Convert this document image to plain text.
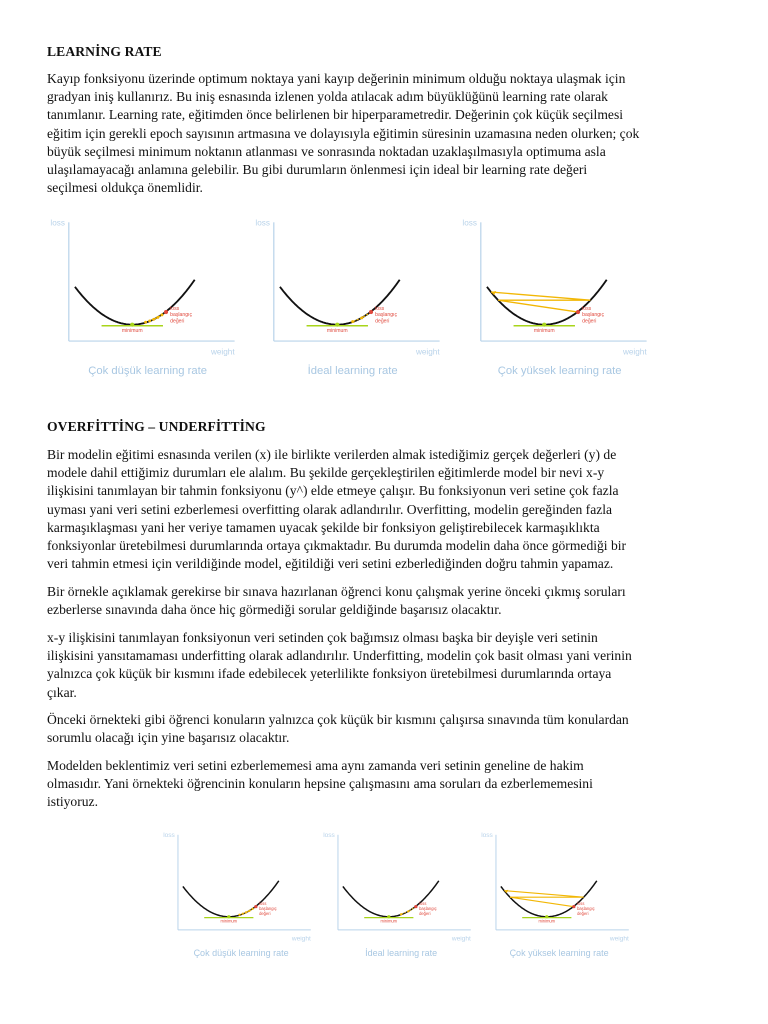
LEARNİNG RATE

Kayıp fonksiyonu üzerinde optimum noktaya yani kayıp değerinin minimum olduğu noktaya ulaşmak için
gradyan iniş kullanırız. Bu iniş esnasında izlenen yolda atılacak adım büyüklüğünü learning rate olarak
tanımlanır. Learning rate, eğitimden önce belirlenen bir hiperparametredir. Değerinin çok küçük seçilmesi
eğitim için gerekli epoch sayısının artmasına ve dolayısıyla eğitimin süresinin uzamasına neden olurken; çok
büyük seçilmesi minimum noktanın atlanması ve sonrasında noktadan uzaklaşılmasıyla optimuma asla
ulaşılamayacağı anlamına gelebilir. Bu gibi durumların önlenmesi için ideal bir learning rate değeri
seçilmesi oldukça önemlidir.

loss
weight
minimum
loss
başlangıç
değeri
Çok düşük learning rate
loss
weight
minimum
loss
başlangıç
değeri
İdeal learning rate
loss
weight
minimum
loss
başlangıç
değeri
Çok yüksek learning rate
OVERFİTTİNG – UNDERFİTTİNG

Bir modelin eğitimi esnasında verilen (x) ile birlikte verilerden almak istediğimiz gerçek değerleri (y) de
modele dahil ettiğimiz durumları ele alalım. Bu şekilde gerçekleştirilen eğitimlerde model bir nevi x-y
ilişkisini tanımlayan bir tahmin fonksiyonu (y^) elde etmeye çalışır. Bu fonksiyonun veri setine çok fazla
uyması yani veri setini ezberlemesi overfitting olarak adlandırılır. Overfitting, modelin gereğinden fazla
karmaşıklaşması yani her veriye tamamen uyacak şekilde bir fonksiyon geliştirebilecek karmaşıklıkta
fonksiyonlar üretebilmesi durumlarında ortaya çıkmaktadır. Bu durumda modelin daha önce görmediği bir
veri tahmin etmesi için verildiğinde model, eğitildiği veri setini ezberlediğinden doğru tahmin yapamaz.

Bir örnekle açıklamak gerekirse bir sınava hazırlanan öğrenci konu çalışmak yerine önceki çıkmış soruları
ezberlerse sınavında daha önce hiç görmediği sorular geldiğinde başarısız olacaktır.

x-y ilişkisini tanımlayan fonksiyonun veri setinden çok bağımsız olması başka bir deyişle veri setinin
ilişkisini yansıtamaması underfitting olarak adlandırılır. Underfitting, modelin çok basit olması yani verinin
yalnızca çok küçük bir kısmını ifade edebilecek yeterlilikte fonksiyon üretebilmesi durumlarında ortaya
çıkar.

Önceki örnekteki gibi öğrenci konuların yalnızca çok küçük bir kısmını çalışırsa sınavında tüm konulardan
sorumlu olacağı için yine başarısız olacaktır.

Modelden beklentimiz veri setini ezberlememesi ama aynı zamanda veri setinin geneline de hakim
olmasıdır. Yani örnekteki öğrencinin konuların hepsine çalışmasını ama soruları da ezberlememesini
istiyoruz.

loss
weight
minimum
loss
başlangıç
değeri
Çok düşük learning rate
loss
weight
minimum
loss
başlangıç
değeri
İdeal learning rate
loss
weight
minimum
loss
başlangıç
değeri
Çok yüksek learning rate
